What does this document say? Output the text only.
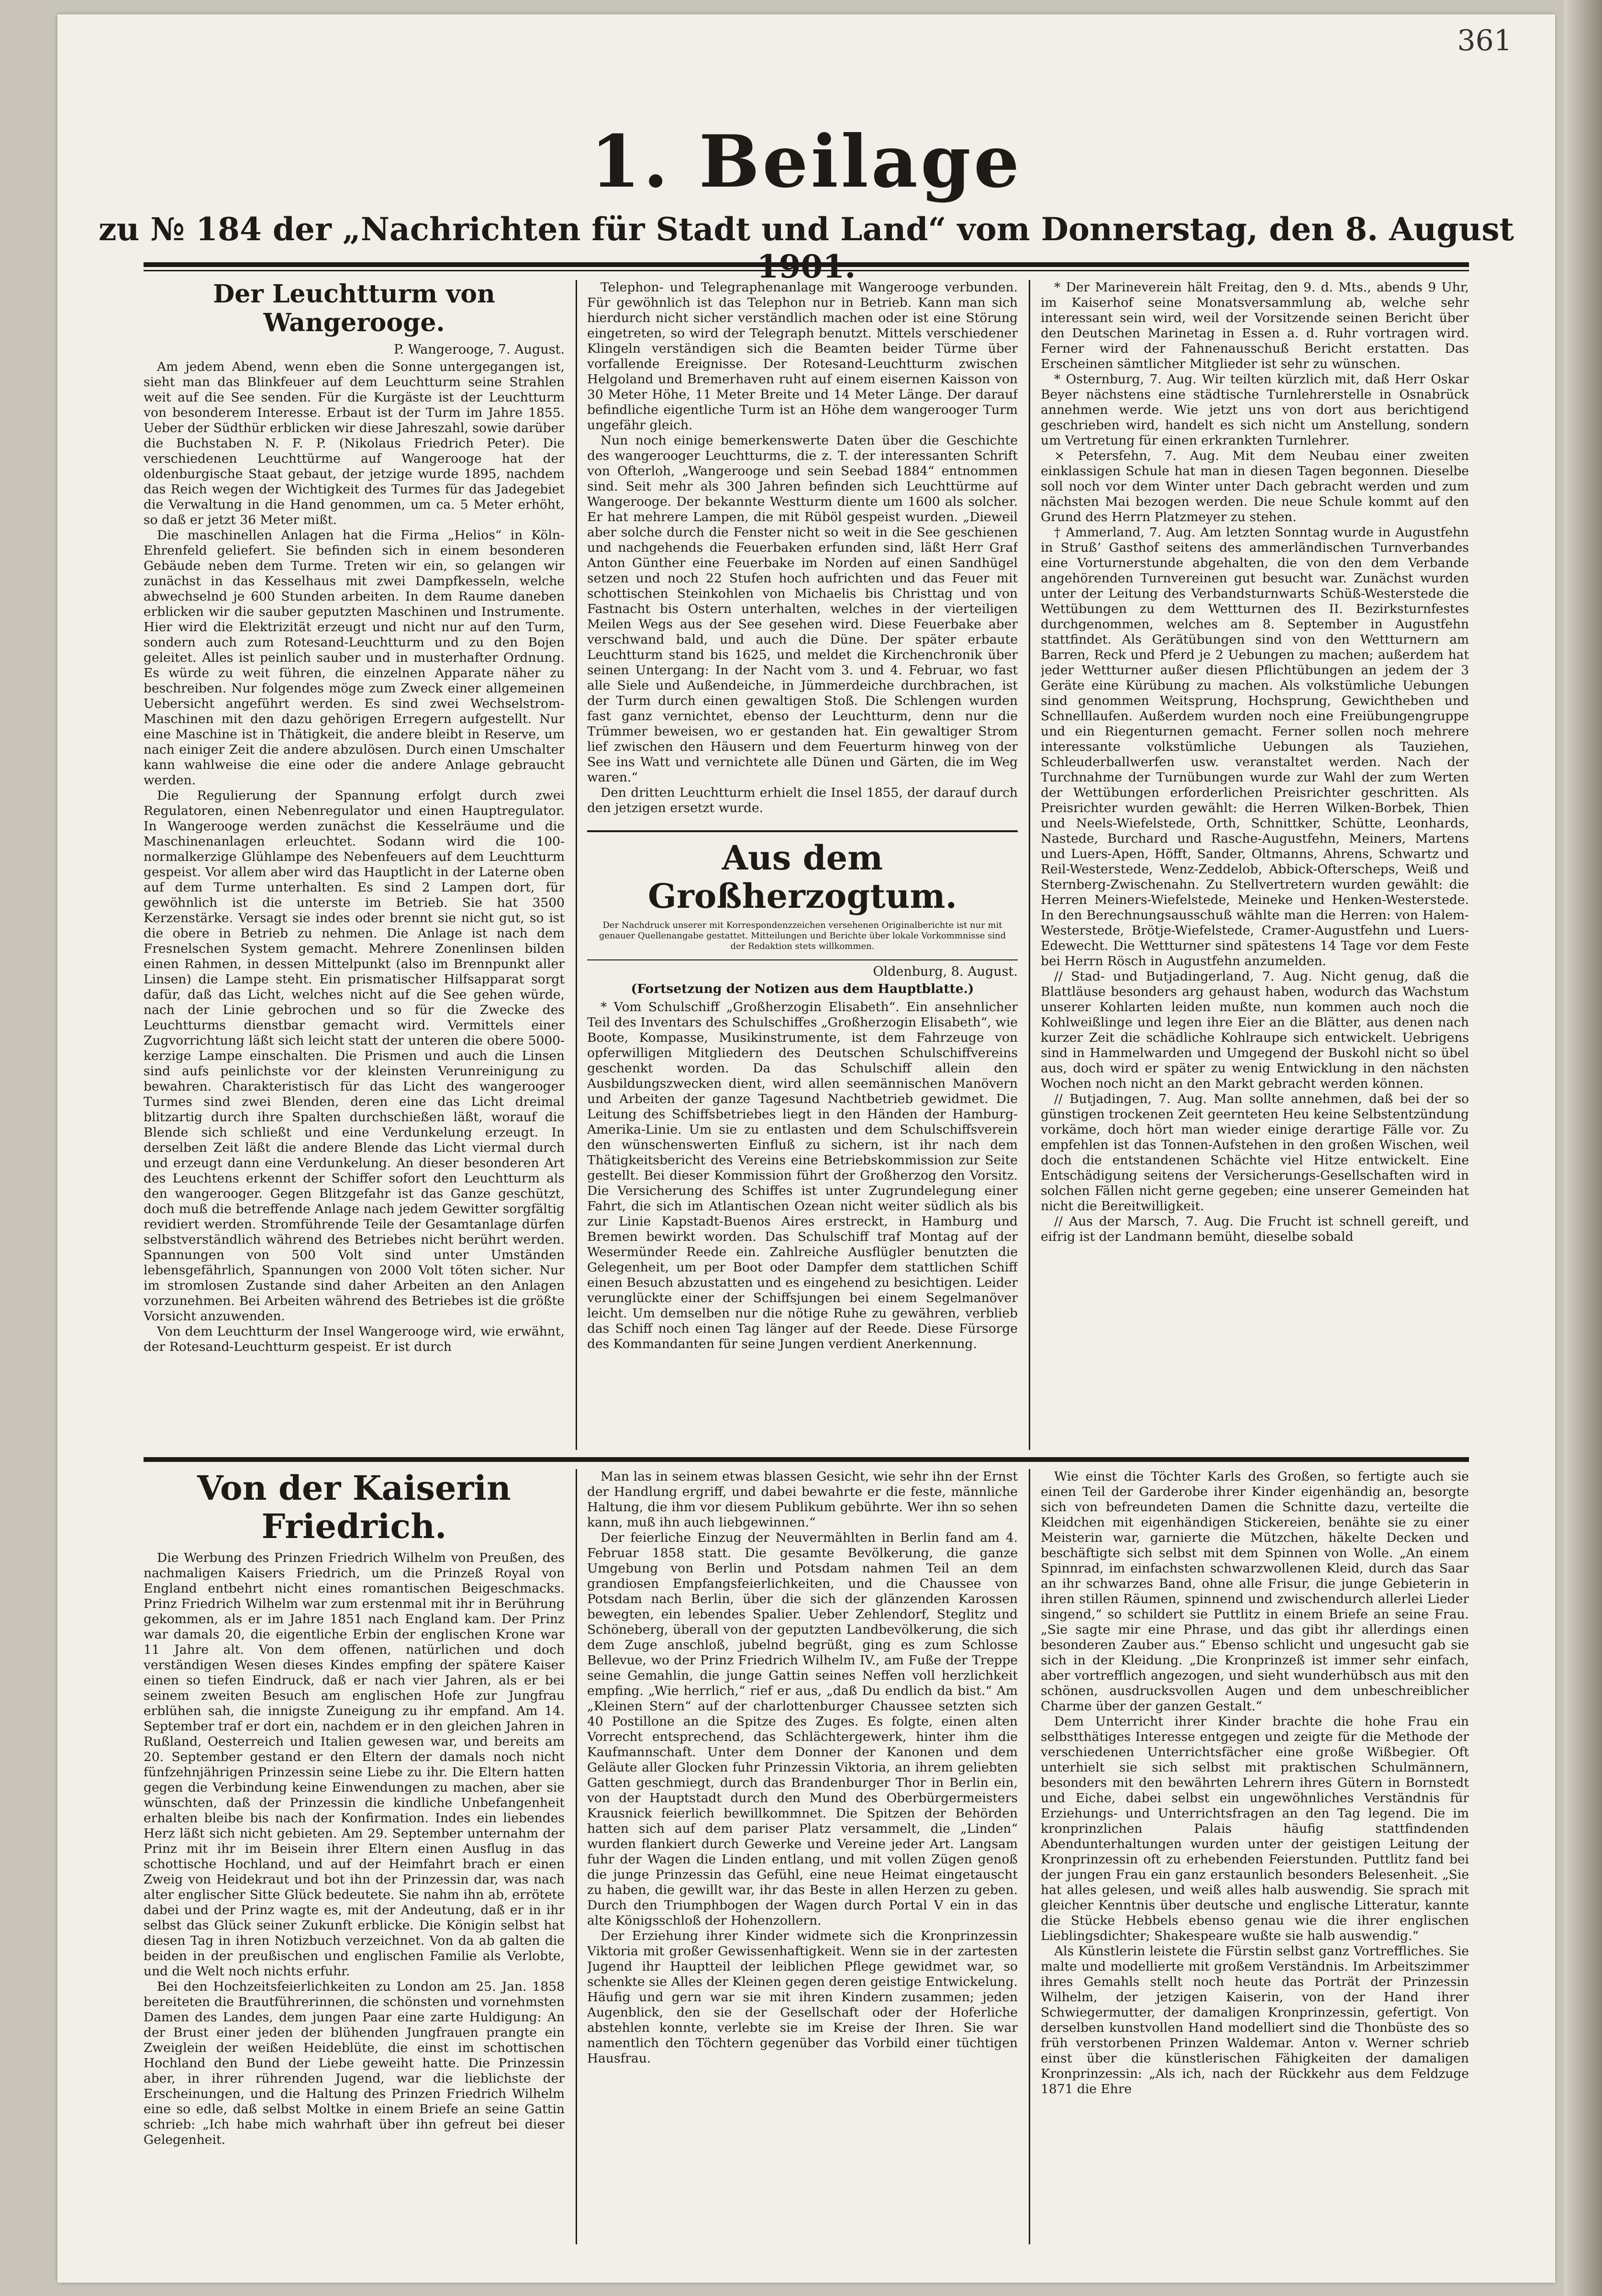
361
1. Beilage
zu № 184 der „Nachrichten für Stadt und Land“ vom Donnerstag, den 8. August
Der Leuchtturm von Wangerooge.
P. Wangerooge, 7. August.

Am jedem Abend, wenn eben die Sonne untergegangen ist, sieht man das Blinkfeuer auf dem Leuchtturm seine Strahlen weit auf die See senden. Für die Kurgäste ist der Leuchtturm von besonderem Interesse. Erbaut ist der Turm im Jahre 1855. Ueber der Südthür erblicken wir diese Jahreszahl, sowie darüber die Buchstaben N. F. P. (Nikolaus Friedrich Peter). Die verschiedenen Leuchttürme auf Wangerooge hat der oldenburgische Staat gebaut, der jetzige wurde 1895, nachdem das Reich wegen der Wichtigkeit des Turmes für das Jadegebiet die Verwaltung in die Hand genommen, um ca. 5 Meter erhöht, so daß er jetzt 36 Meter mißt.

Die maschinellen Anlagen hat die Firma „Helios“ in Köln-Ehrenfeld geliefert. Sie befinden sich in einem besonderen Gebäude neben dem Turme. Treten wir ein, so gelangen wir zunächst in das Kesselhaus mit zwei Dampfkesseln, welche abwechselnd je 600 Stunden arbeiten. In dem Raume daneben erblicken wir die sauber geputzten Maschinen und Instrumente. Hier wird die Elektrizität erzeugt und nicht nur auf den Turm, sondern auch zum Rotesand-Leuchtturm und zu den Bojen geleitet. Alles ist peinlich sauber und in musterhafter Ordnung. Es würde zu weit führen, die einzelnen Apparate näher zu beschreiben. Nur folgendes möge zum Zweck einer allgemeinen Uebersicht angeführt werden. Es sind zwei Wechselstrom-Maschinen mit den dazu gehörigen Erregern aufgestellt. Nur eine Maschine ist in Thätigkeit, die andere bleibt in Reserve, um nach einiger Zeit die andere abzulösen. Durch einen Umschalter kann wahlweise die eine oder die andere Anlage gebraucht werden.

Die Regulierung der Spannung erfolgt durch zwei Regulatoren, einen Nebenregulator und einen Hauptregulator. In Wangerooge werden zunächst die Kesselräume und die Maschinenanlagen erleuchtet. Sodann wird die 100-normalkerzige Glühlampe des Nebenfeuers auf dem Leuchtturm gespeist. Vor allem aber wird das Hauptlicht in der Laterne oben auf dem Turme unterhalten. Es sind 2 Lampen dort, für gewöhnlich ist die unterste im Betrieb. Sie hat 3500 Kerzenstärke. Versagt sie indes oder brennt sie nicht gut, so ist die obere in Betrieb zu nehmen. Die Anlage ist nach dem Fresnelschen System gemacht. Mehrere Zonenlinsen bilden einen Rahmen, in dessen Mittelpunkt (also im Brennpunkt aller Linsen) die Lampe steht. Ein prismatischer Hilfsapparat sorgt dafür, daß das Licht, welches nicht auf die See gehen würde, nach der Linie gebrochen und so für die Zwecke des Leuchtturms dienstbar gemacht wird. Vermittels einer Zugvorrichtung läßt sich leicht statt der unteren die obere 5000-kerzige Lampe einschalten. Die Prismen und auch die Linsen sind aufs peinlichste vor der kleinsten Verunreinigung zu bewahren. Charakteristisch für das Licht des wangerooger Turmes sind zwei Blenden, deren eine das Licht dreimal blitzartig durch ihre Spalten durchschießen läßt, worauf die Blende sich schließt und eine Verdunkelung erzeugt. In derselben Zeit läßt die andere Blende das Licht viermal durch und erzeugt dann eine Verdunkelung. An dieser besonderen Art des Leuchtens erkennt der Schiffer sofort den Leuchtturm als den wangerooger. Gegen Blitzgefahr ist das Ganze geschützt, doch muß die betreffende Anlage nach jedem Gewitter sorgfältig revidiert werden. Stromführende Teile der Gesamtanlage dürfen selbstverständlich während des Betriebes nicht berührt werden. Spannungen von 500 Volt sind unter Umständen lebensgefährlich, Spannungen von 2000 Volt töten sicher. Nur im stromlosen Zustande sind daher Arbeiten an den Anlagen vorzunehmen. Bei Arbeiten während des Betriebes ist die größte Vorsicht anzuwenden.

Von dem Leuchtturm der Insel Wangerooge wird, wie erwähnt, der Rotesand-Leuchtturm gespeist. Er ist durch

Telephon- und Telegraphenanlage mit Wangerooge verbunden. Für gewöhnlich ist das Telephon nur in Betrieb. Kann man sich hierdurch nicht sicher verständlich machen oder ist eine Störung eingetreten, so wird der Telegraph benutzt. Mittels verschiedener Klingeln verständigen sich die Beamten beider Türme über vorfallende Ereignisse. Der Rotesand-Leuchtturm zwischen Helgoland und Bremerhaven ruht auf einem eisernen Kaisson von 30 Meter Höhe, 11 Meter Breite und 14 Meter Länge. Der darauf befindliche eigentliche Turm ist an Höhe dem wangerooger Turm ungefähr gleich.

Nun noch einige bemerkenswerte Daten über die Geschichte des wangerooger Leuchtturms, die z. T. der interessanten Schrift von Ofterloh, „Wangerooge und sein Seebad 1884“ entnommen sind. Seit mehr als 300 Jahren befinden sich Leuchttürme auf Wangerooge. Der bekannte Westturm diente um 1600 als solcher. Er hat mehrere Lampen, die mit Rüböl gespeist wurden. „Dieweil aber solche durch die Fenster nicht so weit in die See geschienen und nachgehends die Feuerbaken erfunden sind, läßt Herr Graf Anton Günther eine Feuerbake im Norden auf einen Sandhügel setzen und noch 22 Stufen hoch aufrichten und das Feuer mit schottischen Steinkohlen von Michaelis bis Christtag und von Fastnacht bis Ostern unterhalten, welches in der vierteiligen Meilen Wegs aus der See gesehen wird. Diese Feuerbake aber verschwand bald, und auch die Düne. Der später erbaute Leuchtturm stand bis 1625, und meldet die Kirchenchronik über seinen Untergang: In der Nacht vom 3. und 4. Februar, wo fast alle Siele und Außendeiche, in Jümmerdeiche durchbrachen, ist der Turm durch einen gewaltigen Stoß. Die Schlengen wurden fast ganz vernichtet, ebenso der Leuchtturm, denn nur die Trümmer beweisen, wo er gestanden hat. Ein gewaltiger Strom lief zwischen den Häusern und dem Feuerturm hinweg von der See ins Watt und vernichtete alle Dünen und Gärten, die im Weg waren.“

Den dritten Leuchtturm erhielt die Insel 1855, der darauf durch den jetzigen ersetzt wurde.

Aus dem Großherzogtum.
Der Nachdruck unserer mit Korrespondenzzeichen versehenen Originalberichte ist nur mit genauer Quellenangabe gestattet. Mitteilungen und Berichte über lokale Vorkommnisse sind der Redaktion stets willkommen.
Oldenburg, 8. August.
(Fortsetzung der Notizen aus dem Hauptblatte.)

* Vom Schulschiff „Großherzogin Elisabeth“. Ein ansehnlicher Teil des Inventars des Schulschiffes „Großherzogin Elisabeth“, wie Boote, Kompasse, Musikinstrumente, ist dem Fahrzeuge von opferwilligen Mitgliedern des Deutschen Schulschiffvereins geschenkt worden. Da das Schulschiff allein den Ausbildungszwecken dient, wird allen seemännischen Manövern und Arbeiten der ganze Tagesund Nachtbetrieb gewidmet. Die Leitung des Schiffsbetriebes liegt in den Händen der Hamburg-Amerika-Linie. Um sie zu entlasten und dem Schulschiffsverein den wünschenswerten Einfluß zu sichern, ist ihr nach dem Thätigkeitsbericht des Vereins eine Betriebskommission zur Seite gestellt. Bei dieser Kommission führt der Großherzog den Vorsitz. Die Versicherung des Schiffes ist unter Zugrundelegung einer Fahrt, die sich im Atlantischen Ozean nicht weiter südlich als bis zur Linie Kapstadt-Buenos Aires erstreckt, in Hamburg und Bremen bewirkt worden. Das Schulschiff traf Montag auf der Wesermünder Reede ein. Zahlreiche Ausflügler benutzten die Gelegenheit, um per Boot oder Dampfer dem stattlichen Schiff einen Besuch abzustatten und es eingehend zu besichtigen. Leider verunglückte einer der Schiffsjungen bei einem Segelmanöver leicht. Um demselben nur die nötige Ruhe zu gewähren, verblieb das Schiff noch einen Tag länger auf der Reede. Diese Fürsorge des Kommandanten für seine Jungen verdient Anerkennung.

* Der Marineverein hält Freitag, den 9. d. Mts., abends 9 Uhr, im Kaiserhof seine Monatsversammlung ab, welche sehr interessant sein wird, weil der Vorsitzende seinen Bericht über den Deutschen Marinetag in Essen a. d. Ruhr vortragen wird. Ferner wird der Fahnenausschuß Bericht erstatten. Das Erscheinen sämtlicher Mitglieder ist sehr zu wünschen.

* Osternburg, 7. Aug. Wir teilten kürzlich mit, daß Herr Oskar Beyer nächstens eine städtische Turnlehrerstelle in Osnabrück annehmen werde. Wie jetzt uns von dort aus berichtigend geschrieben wird, handelt es sich nicht um Anstellung, sondern um Vertretung für einen erkrankten Turnlehrer.

× Petersfehn, 7. Aug. Mit dem Neubau einer zweiten einklassigen Schule hat man in diesen Tagen begonnen. Dieselbe soll noch vor dem Winter unter Dach gebracht werden und zum nächsten Mai bezogen werden. Die neue Schule kommt auf den Grund des Herrn Platzmeyer zu stehen.

† Ammerland, 7. Aug. Am letzten Sonntag wurde in Augustfehn in Struß’ Gasthof seitens des ammerländischen Turnverbandes eine Vorturnerstunde abgehalten, die von den dem Verbande angehörenden Turnvereinen gut besucht war. Zunächst wurden unter der Leitung des Verbandsturnwarts Schüß-Westerstede die Wettübungen zu dem Wettturnen des II. Bezirksturnfestes durchgenommen, welches am 8. September in Augustfehn stattfindet. Als Gerätübungen sind von den Wettturnern am Barren, Reck und Pferd je 2 Uebungen zu machen; außerdem hat jeder Wettturner außer diesen Pflichtübungen an jedem der 3 Geräte eine Kürübung zu machen. Als volkstümliche Uebungen sind genommen Weitsprung, Hochsprung, Gewichtheben und Schnelllaufen. Außerdem wurden noch eine Freiübungengruppe und ein Riegenturnen gemacht. Ferner sollen noch mehrere interessante volkstümliche Uebungen als Tauziehen, Schleuderballwerfen usw. veranstaltet werden. Nach der Turchnahme der Turnübungen wurde zur Wahl der zum Werten der Wettübungen erforderlichen Preisrichter geschritten. Als Preisrichter wurden gewählt: die Herren Wilken-Borbek, Thien und Neels-Wiefelstede, Orth, Schnittker, Schütte, Leonhards, Nastede, Burchard und Rasche-Augustfehn, Meiners, Martens und Luers-Apen, Höfft, Sander, Oltmanns, Ahrens, Schwartz und Reil-Westerstede, Wenz-Zeddelob, Abbick-Ofterscheps, Weiß und Sternberg-Zwischenahn. Zu Stellvertretern wurden gewählt: die Herren Meiners-Wiefelstede, Meineke und Henken-Westerstede. In den Berechnungsausschuß wählte man die Herren: von Halem-Westerstede, Brötje-Wiefelstede, Cramer-Augustfehn und Luers-Edewecht. Die Wettturner sind spätestens 14 Tage vor dem Feste bei Herrn Rösch in Augustfehn anzumelden.

// Stad- und Butjadingerland, 7. Aug. Nicht genug, daß die Blattläuse besonders arg gehaust haben, wodurch das Wachstum unserer Kohlarten leiden mußte, nun kommen auch noch die Kohlweißlinge und legen ihre Eier an die Blätter, aus denen nach kurzer Zeit die schädliche Kohlraupe sich entwickelt. Uebrigens sind in Hammelwarden und Umgegend der Buskohl nicht so übel aus, doch wird er später zu wenig Entwicklung in den nächsten Wochen noch nicht an den Markt gebracht werden können.

// Butjadingen, 7. Aug. Man sollte annehmen, daß bei der so günstigen trockenen Zeit geernteten Heu keine Selbstentzündung vorkäme, doch hört man wieder einige derartige Fälle vor. Zu empfehlen ist das Tonnen-Aufstehen in den großen Wischen, weil doch die entstandenen Schächte viel Hitze entwickelt. Eine Entschädigung seitens der Versicherungs-Gesellschaften wird in solchen Fällen nicht gerne gegeben; eine unserer Gemeinden hat nicht die Bereitwilligkeit.

// Aus der Marsch, 7. Aug. Die Frucht ist schnell gereift, und eifrig ist der Landmann bemüht, dieselbe sobald

Von der Kaiserin Friedrich.

Die Werbung des Prinzen Friedrich Wilhelm von Preußen, des nachmaligen Kaisers Friedrich, um die Prinzeß Royal von England entbehrt nicht eines romantischen Beigeschmacks. Prinz Friedrich Wilhelm war zum erstenmal mit ihr in Berührung gekommen, als er im Jahre 1851 nach England kam. Der Prinz war damals 20, die eigentliche Erbin der englischen Krone war 11 Jahre alt. Von dem offenen, natürlichen und doch verständigen Wesen dieses Kindes empfing der spätere Kaiser einen so tiefen Eindruck, daß er nach vier Jahren, als er bei seinem zweiten Besuch am englischen Hofe zur Jungfrau erblühen sah, die innigste Zuneigung zu ihr empfand. Am 14. September traf er dort ein, nachdem er in den gleichen Jahren in Rußland, Oesterreich und Italien gewesen war, und bereits am 20. September gestand er den Eltern der damals noch nicht fünfzehnjährigen Prinzessin seine Liebe zu ihr. Die Eltern hatten gegen die Verbindung keine Einwendungen zu machen, aber sie wünschten, daß der Prinzessin die kindliche Unbefangenheit erhalten bleibe bis nach der Konfirmation. Indes ein liebendes Herz läßt sich nicht gebieten. Am 29. September unternahm der Prinz mit ihr im Beisein ihrer Eltern einen Ausflug in das schottische Hochland, und auf der Heimfahrt brach er einen Zweig von Heidekraut und bot ihn der Prinzessin dar, was nach alter englischer Sitte Glück bedeutete. Sie nahm ihn ab, errötete dabei und der Prinz wagte es, mit der Andeutung, daß er in ihr selbst das Glück seiner Zukunft erblicke. Die Königin selbst hat diesen Tag in ihren Notizbuch verzeichnet. Von da ab galten die beiden in der preußischen und englischen Familie als Verlobte, und die Welt noch nichts erfuhr.

Bei den Hochzeitsfeierlichkeiten zu London am 25. Jan. 1858 bereiteten die Brautführerinnen, die schönsten und vornehmsten Damen des Landes, dem jungen Paar eine zarte Huldigung: An der Brust einer jeden der blühenden Jungfrauen prangte ein Zweiglein der weißen Heideblüte, die einst im schottischen Hochland den Bund der Liebe geweiht hatte. Die Prinzessin aber, in ihrer rührenden Jugend, war die lieblichste der Erscheinungen, und die Haltung des Prinzen Friedrich Wilhelm eine so edle, daß selbst Moltke in einem Briefe an seine Gattin schrieb: „Ich habe mich wahrhaft über ihn gefreut bei dieser Gelegenheit.

Man las in seinem etwas blassen Gesicht, wie sehr ihn der Ernst der Handlung ergriff, und dabei bewahrte er die feste, männliche Haltung, die ihm vor diesem Publikum gebührte. Wer ihn so sehen kann, muß ihn auch liebgewinnen.“

Der feierliche Einzug der Neuvermählten in Berlin fand am 4. Februar 1858 statt. Die gesamte Bevölkerung, die ganze Umgebung von Berlin und Potsdam nahmen Teil an dem grandiosen Empfangsfeierlichkeiten, und die Chaussee von Potsdam nach Berlin, über die sich der glänzenden Karossen bewegten, ein lebendes Spalier. Ueber Zehlendorf, Steglitz und Schöneberg, überall von der geputzten Landbevölkerung, die sich dem Zuge anschloß, jubelnd begrüßt, ging es zum Schlosse Bellevue, wo der Prinz Friedrich Wilhelm IV., am Fuße der Treppe seine Gemahlin, die junge Gattin seines Neffen voll herzlichkeit empfing. „Wie herrlich,“ rief er aus, „daß Du endlich da bist.“ Am „Kleinen Stern“ auf der charlottenburger Chaussee setzten sich 40 Postillone an die Spitze des Zuges. Es folgte, einen alten Vorrecht entsprechend, das Schlächtergewerk, hinter ihm die Kaufmannschaft. Unter dem Donner der Kanonen und dem Geläute aller Glocken fuhr Prinzessin Viktoria, an ihrem geliebten Gatten geschmiegt, durch das Brandenburger Thor in Berlin ein, von der Hauptstadt durch den Mund des Oberbürgermeisters Krausnick feierlich bewillkommnet. Die Spitzen der Behörden hatten sich auf dem pariser Platz versammelt, die „Linden“ wurden flankiert durch Gewerke und Vereine jeder Art. Langsam fuhr der Wagen die Linden entlang, und mit vollen Zügen genoß die junge Prinzessin das Gefühl, eine neue Heimat eingetauscht zu haben, die gewillt war, ihr das Beste in allen Herzen zu geben. Durch den Triumphbogen der Wagen durch Portal V ein in das alte Königsschloß der Hohenzollern.

Der Erziehung ihrer Kinder widmete sich die Kronprinzessin Viktoria mit großer Gewissenhaftigkeit. Wenn sie in der zartesten Jugend ihr Hauptteil der leiblichen Pflege gewidmet war, so schenkte sie Alles der Kleinen gegen deren geistige Entwickelung. Häufig und gern war sie mit ihren Kindern zusammen; jeden Augenblick, den sie der Gesellschaft oder der Hoferliche abstehlen konnte, verlebte sie im Kreise der Ihren. Sie war namentlich den Töchtern gegenüber das Vorbild einer tüchtigen Hausfrau.

Wie einst die Töchter Karls des Großen, so fertigte auch sie einen Teil der Garderobe ihrer Kinder eigenhändig an, besorgte sich von befreundeten Damen die Schnitte dazu, verteilte die Kleidchen mit eigenhändigen Stickereien, benähte sie zu einer Meisterin war, garnierte die Mützchen, häkelte Decken und beschäftigte sich selbst mit dem Spinnen von Wolle. „An einem Spinnrad, im einfachsten schwarzwollenen Kleid, durch das Saar an ihr schwarzes Band, ohne alle Frisur, die junge Gebieterin in ihren stillen Räumen, spinnend und zwischendurch allerlei Lieder singend,“ so schildert sie Puttlitz in einem Briefe an seine Frau. „Sie sagte mir eine Phrase, und das gibt ihr allerdings einen besonderen Zauber aus.“ Ebenso schlicht und ungesucht gab sie sich in der Kleidung. „Die Kronprinzeß ist immer sehr einfach, aber vortrefflich angezogen, und sieht wunderhübsch aus mit den schönen, ausdrucksvollen Augen und dem unbeschreiblicher Charme über der ganzen Gestalt.“

Dem Unterricht ihrer Kinder brachte die hohe Frau ein selbstthätiges Interesse entgegen und zeigte für die Methode der verschiedenen Unterrichtsfächer eine große Wißbegier. Oft unterhielt sie sich selbst mit praktischen Schulmännern, besonders mit den bewährten Lehrern ihres Gütern in Bornstedt und Eiche, dabei selbst ein ungewöhnliches Verständnis für Erziehungs- und Unterrichtsfragen an den Tag legend. Die im kronprinzlichen Palais häufig stattfindenden Abendunterhaltungen wurden unter der geistigen Leitung der Kronprinzessin oft zu erhebenden Feierstunden. Puttlitz fand bei der jungen Frau ein ganz erstaunlich besonders Belesenheit. „Sie hat alles gelesen, und weiß alles halb auswendig. Sie sprach mit gleicher Kenntnis über deutsche und englische Litteratur, kannte die Stücke Hebbels ebenso genau wie die ihrer englischen Lieblingsdichter; Shakespeare wußte sie halb auswendig.“

Als Künstlerin leistete die Fürstin selbst ganz Vortreffliches. Sie malte und modellierte mit großem Verständnis. Im Arbeitszimmer ihres Gemahls stellt noch heute das Porträt der Prinzessin Wilhelm, der jetzigen Kaiserin, von der Hand ihrer Schwiegermutter, der damaligen Kronprinzessin, gefertigt. Von derselben kunstvollen Hand modelliert sind die Thonbüste des so früh verstorbenen Prinzen Waldemar. Anton v. Werner schrieb einst über die künstlerischen Fähigkeiten der damaligen Kronprinzessin: „Als ich, nach der Rückkehr aus dem Feldzuge 1871 die Ehre
